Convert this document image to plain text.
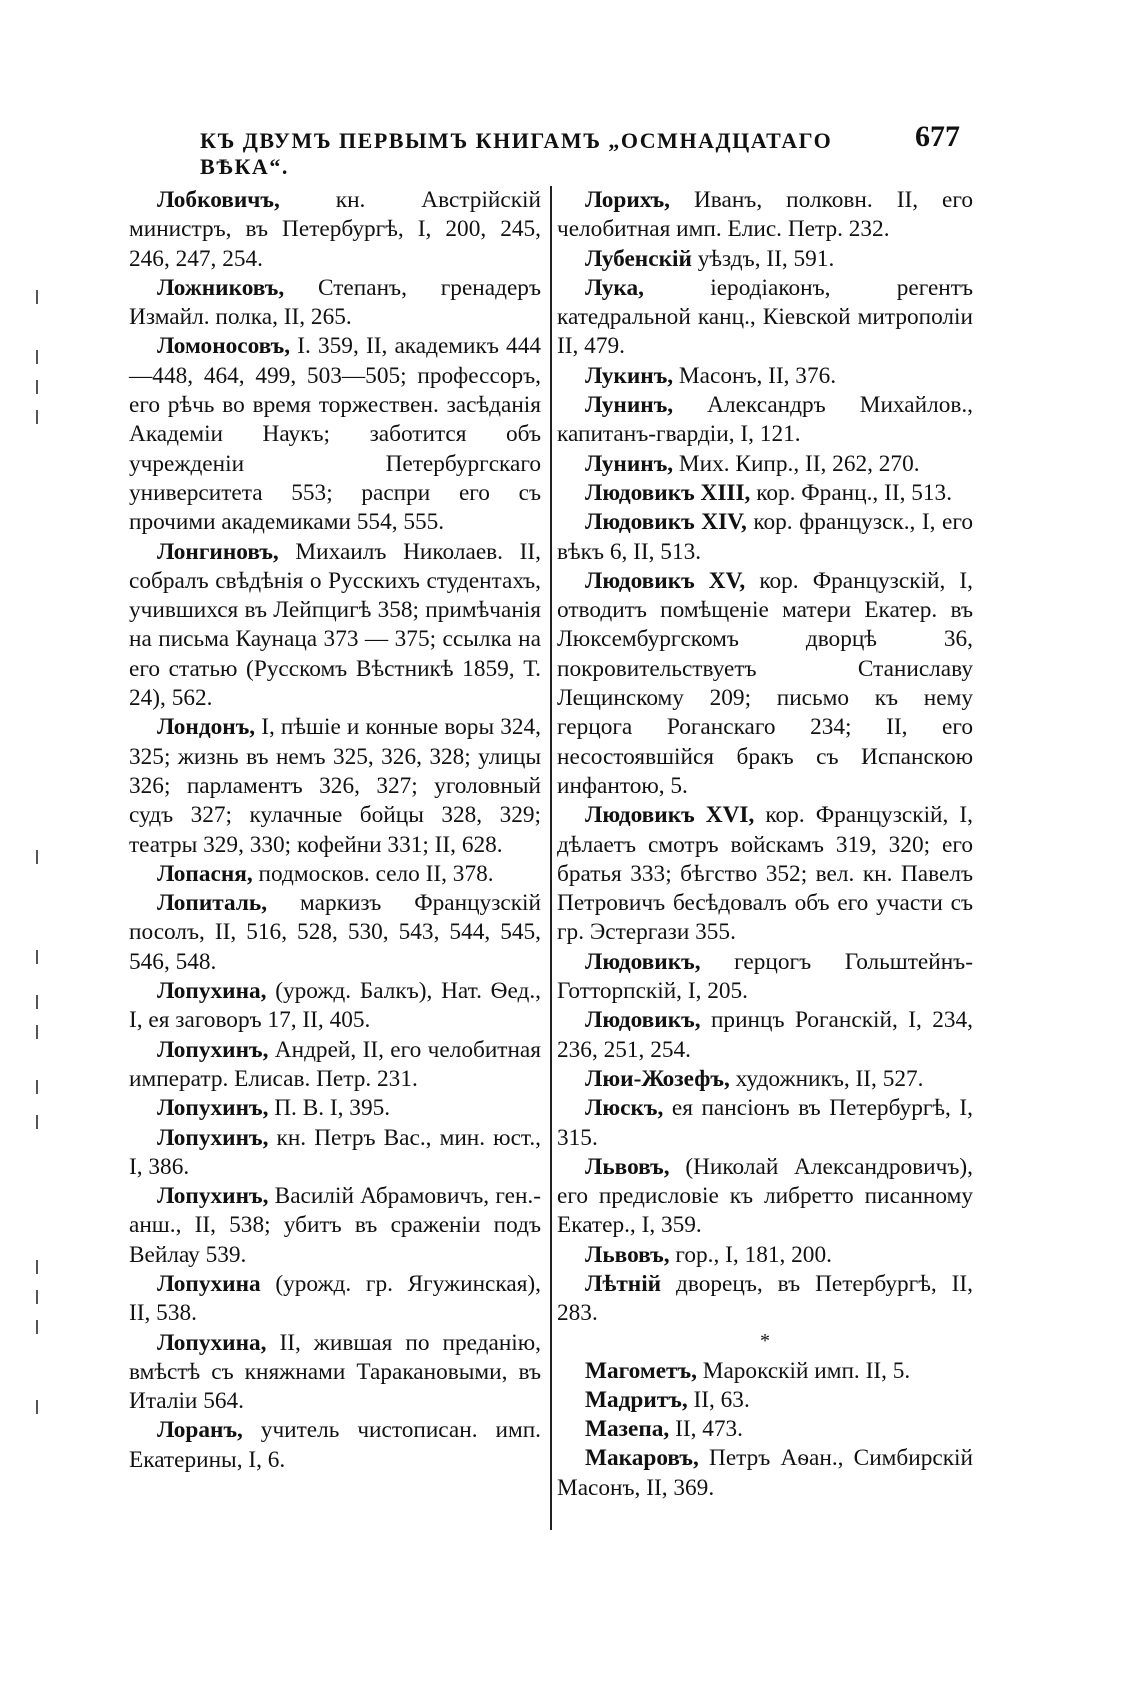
КЪ ДВУМЪ ПЕРВЫМЪ КНИГАМЪ „ОСМНАДЦАТАГО ВѢКА“.
677

Лобковичъ, кн. Австрійскій министръ, въ Петербургѣ, I, 200, 245, 246, 247, 254.

Ложниковъ, Степанъ, гренадеръ Измайл. полка, II, 265.

Ломоносовъ, I. 359, II, академикъ 444—448, 464, 499, 503—505; профессоръ, его рѣчь во время торжествен. засѣданія Академіи Наукъ; заботится объ учрежденіи Петербургскаго университета 553; распри его съ прочими академиками 554, 555.

Лонгиновъ, Михаилъ Николаев. II, собралъ свѣдѣнія о Русскихъ студентахъ, учившихся въ Лейпцигѣ 358; примѣчанія на письма Каунаца 373 — 375; ссылка на его статью (Русскомъ Вѣстникѣ 1859, Т. 24), 562.

Лондонъ, I, пѣшіе и конные воры 324, 325; жизнь въ немъ 325, 326, 328; улицы 326; парламентъ 326, 327; уголовный судъ 327; кулачные бойцы 328, 329; театры 329, 330; кофейни 331; II, 628.

Лопасня, подмосков. село II, 378.

Лопиталь, маркизъ Французскій посолъ, II, 516, 528, 530, 543, 544, 545, 546, 548.

Лопухина, (урожд. Балкъ), Нат. Ѳед., I, ея заговоръ 17, II, 405.

Лопухинъ, Андрей, II, его челобитная императр. Елисав. Петр. 231.

Лопухинъ, П. В. I, 395.

Лопухинъ, кн. Петръ Вас., мин. юст., I, 386.

Лопухинъ, Василій Абрамовичъ, ген.-анш., II, 538; убитъ въ сраженіи подъ Вейлау 539.

Лопухина (урожд. гр. Ягужинская), II, 538.

Лопухина, II, жившая по преданію, вмѣстѣ съ княжнами Таракановыми, въ Италіи 564.

Лоранъ, учитель чистописан. имп. Екатерины, I, 6.

Лорихъ, Иванъ, полковн. II, его челобитная имп. Елис. Петр. 232.

Лубенскій уѣздъ, II, 591.

Лука, іеродіаконъ, регентъ катедральной канц., Кіевской митрополіи II, 479.

Лукинъ, Масонъ, II, 376.

Лунинъ, Александръ Михайлов., капитанъ-гвардіи, I, 121.

Лунинъ, Мих. Кипр., II, 262, 270.

Людовикъ XIII, кор. Франц., II, 513.

Людовикъ XIV, кор. французск., I, его вѣкъ 6, II, 513.

Людовикъ XV, кор. Французскій, I, отводитъ помѣщеніе матери Екатер. въ Люксембургскомъ дворцѣ 36, покровительствуетъ Станиславу Лещинскому 209; письмо къ нему герцога Роганскаго 234; II, его несостоявшійся бракъ съ Испанскою инфантою, 5.

Людовикъ XVI, кор. Французскій, I, дѣлаетъ смотръ войскамъ 319, 320; его братья 333; бѣгство 352; вел. кн. Павелъ Петровичъ бесѣдовалъ объ его участи съ гр. Эстергази 355.

Людовикъ, герцогъ Гольштейнъ-Готторпскій, I, 205.

Людовикъ, принцъ Роганскій, I, 234, 236, 251, 254.

Люи-Жозефъ, художникъ, II, 527.

Люскъ, ея пансіонъ въ Петербургѣ, I, 315.

Львовъ, (Николай Александровичъ), его предисловіе къ либретто писанному Екатер., I, 359.

Львовъ, гор., I, 181, 200.

Лѣтній дворецъ, въ Петербургѣ, II, 283.

*

Магометъ, Марокскій имп. II, 5.

Мадритъ, II, 63.

Мазепа, II, 473.

Макаровъ, Петръ Аѳан., Симбирскій Масонъ, II, 369.
